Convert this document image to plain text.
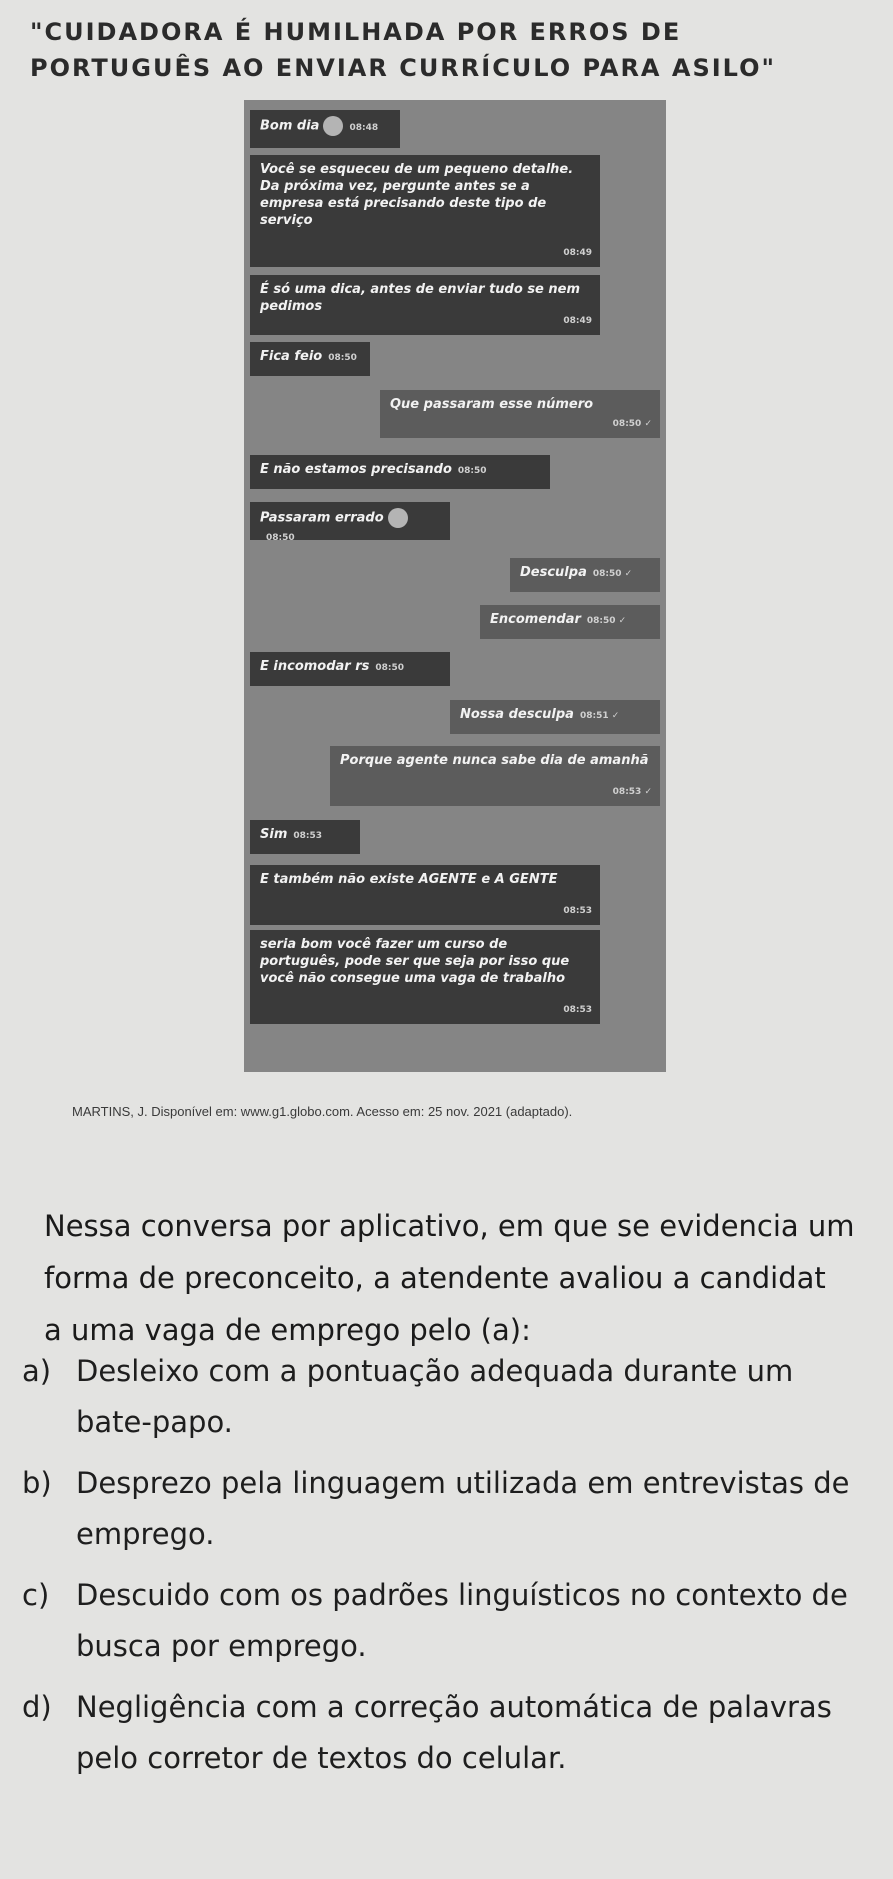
"CUIDADORA É HUMILHADA POR ERROS DE PORTUGUÊS AO ENVIAR CURRÍCULO PARA ASILO"
Bom dia	08:48
Você se esqueceu de um pequeno detalhe.
Da próxima vez, pergunte antes se a empresa está precisando deste tipo de serviço
08:49
É só uma dica, antes de enviar tudo se nem pedimos
08:49
Fica feio 08:50
Que passaram esse número
08:50 ✓
E não estamos precisando 08:50
Passaram errado08:50
Desculpa 08:50 ✓
Encomendar 08:50 ✓
E incomodar rs 08:50
Nossa desculpa 08:51 ✓
Porque agente nunca sabe dia de amanhã
08:53 ✓
Sim 08:53
E também não existe AGENTE e A GENTE
08:53
seria bom você fazer um curso de português, pode ser que seja por isso que você não consegue uma vaga de trabalho
08:53

MARTINS, J. Disponível em: www.g1.globo.com. Acesso em: 25 nov. 2021 (adaptado).

Nessa conversa por aplicativo, em que se evidencia um
forma de preconceito, a atendente avaliou a candidat
a uma vaga de emprego pelo (a):
a) Desleixo com a pontuação adequada durante um bate-papo.
b) Desprezo pela linguagem utilizada em entrevistas de emprego.
c) Descuido com os padrões linguísticos no contexto de busca por emprego.
d) Negligência com a correção automática de palavras pelo corretor de textos do celular.
